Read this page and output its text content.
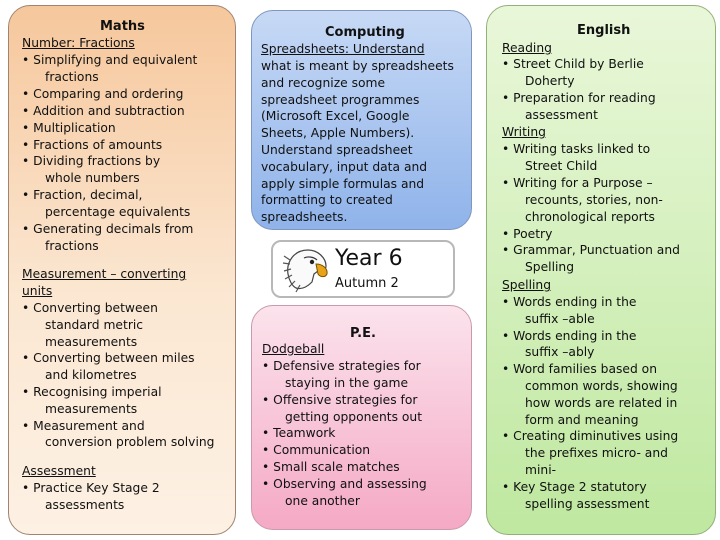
Maths
Number: Fractions
• Simplifying and equivalent
fractions
• Comparing and ordering
• Addition and subtraction
• Multiplication
• Fractions of amounts
• Dividing fractions by
whole numbers
• Fraction, decimal,
percentage equivalents
• Generating decimals from
fractions
Measurement – converting
units
• Converting between
standard metric
measurements
• Converting between miles
and kilometres
• Recognising imperial
measurements
• Measurement and
conversion problem solving
Assessment
• Practice Key Stage 2
assessments
Computing
Spreadsheets: Understand
what is meant by spreadsheets
and recognize some
spreadsheet programmes
(Microsoft Excel, Google
Sheets, Apple Numbers).
Understand spreadsheet
vocabulary, input data and
apply simple formulas and
formatting to created
spreadsheets.
Year 6
Autumn 2
P.E.
Dodgeball
• Defensive strategies for
staying in the game
• Offensive strategies for
getting opponents out
• Teamwork
• Communication
• Small scale matches
• Observing and assessing
one another
English
Reading
• Street Child by Berlie
Doherty
• Preparation for reading
assessment
Writing
• Writing tasks linked to
Street Child
• Writing for a Purpose –
recounts, stories, non-
chronological reports
• Poetry
• Grammar, Punctuation and
Spelling
Spelling
• Words ending in the
suffix –able
• Words ending in the
suffix –ably
• Word families based on
common words, showing
how words are related in
form and meaning
• Creating diminutives using
the prefixes micro- and
mini-
• Key Stage 2 statutory
spelling assessment
